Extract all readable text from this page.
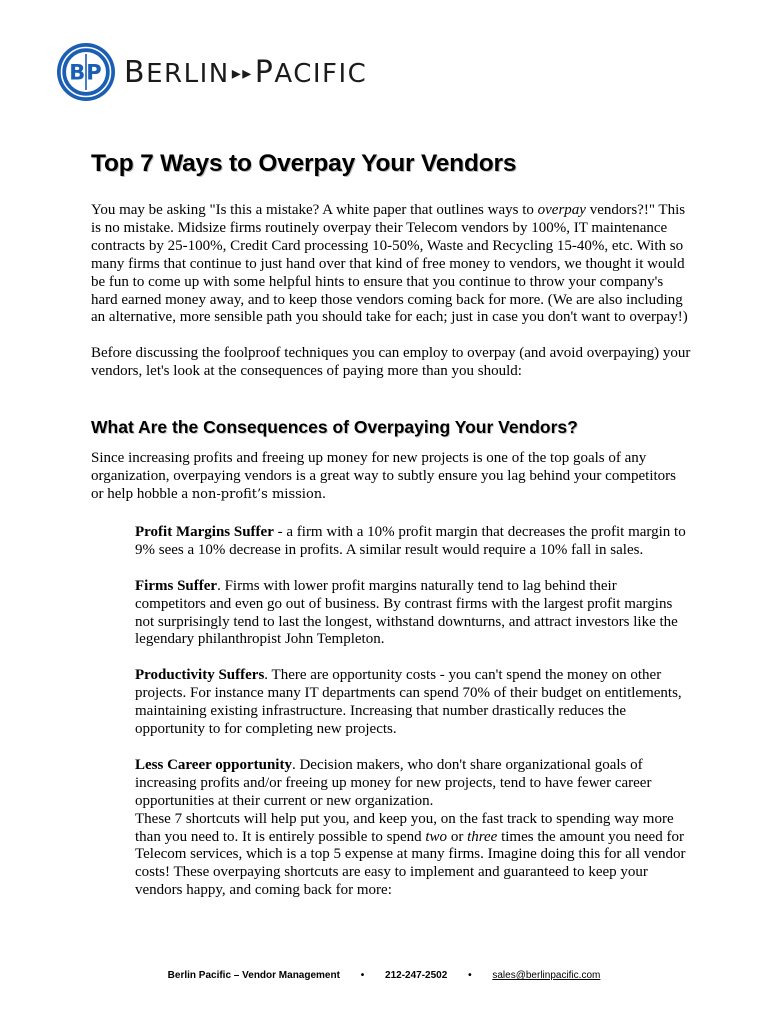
BP B ERLIN ▸▸ P ACIFIC
Top 7 Ways to Overpay Your Vendors

You may be asking "Is this a mistake? A white paper that outlines ways to overpay vendors?!" This is no mistake. Midsize firms routinely overpay their Telecom vendors by 100%, IT maintenance contracts by 25-100%, Credit Card processing 10-50%, Waste and Recycling 15-40%, etc. With so many firms that continue to just hand over that kind of free money to vendors, we thought it would be fun to come up with some helpful hints to ensure that you continue to throw your company's hard earned money away, and to keep those vendors coming back for more. (We are also including an alternative, more sensible path you should take for each; just in case you don't want to overpay!)

Before discussing the foolproof techniques you can employ to overpay (and avoid overpaying) your vendors, let's look at the consequences of paying more than you should:

What Are the Consequences of Overpaying Your Vendors?

Since increasing profits and freeing up money for new projects is one of the top goals of any organization, overpaying vendors is a great way to subtly ensure you lag behind your competitors or help hobble a non-profit’s mission.

Profit Margins Suffer - a firm with a 10% profit margin that decreases the profit margin to 9% sees a 10% decrease in profits. A similar result would require a 10% fall in sales.

Firms Suffer. Firms with lower profit margins naturally tend to lag behind their competitors and even go out of business. By contrast firms with the largest profit margins not surprisingly tend to last the longest, withstand downturns, and attract investors like the legendary philanthropist John Templeton.

Productivity Suffers. There are opportunity costs - you can't spend the money on other projects. For instance many IT departments can spend 70% of their budget on entitlements, maintaining existing infrastructure. Increasing that number drastically reduces the opportunity to for completing new projects.

Less Career opportunity. Decision makers, who don't share organizational goals of increasing profits and/or freeing up money for new projects, tend to have fewer career opportunities at their current or new organization.

These 7 shortcuts will help put you, and keep you, on the fast track to spending way more than you need to. It is entirely possible to spend two or three times the amount you need for Telecom services, which is a top 5 expense at many firms. Imagine doing this for all vendor costs! These overpaying shortcuts are easy to implement and guaranteed to keep your vendors happy, and coming back for more:

Berlin Pacific – Vendor Management • 212-247-2502 • sales@berlinpacific.com
